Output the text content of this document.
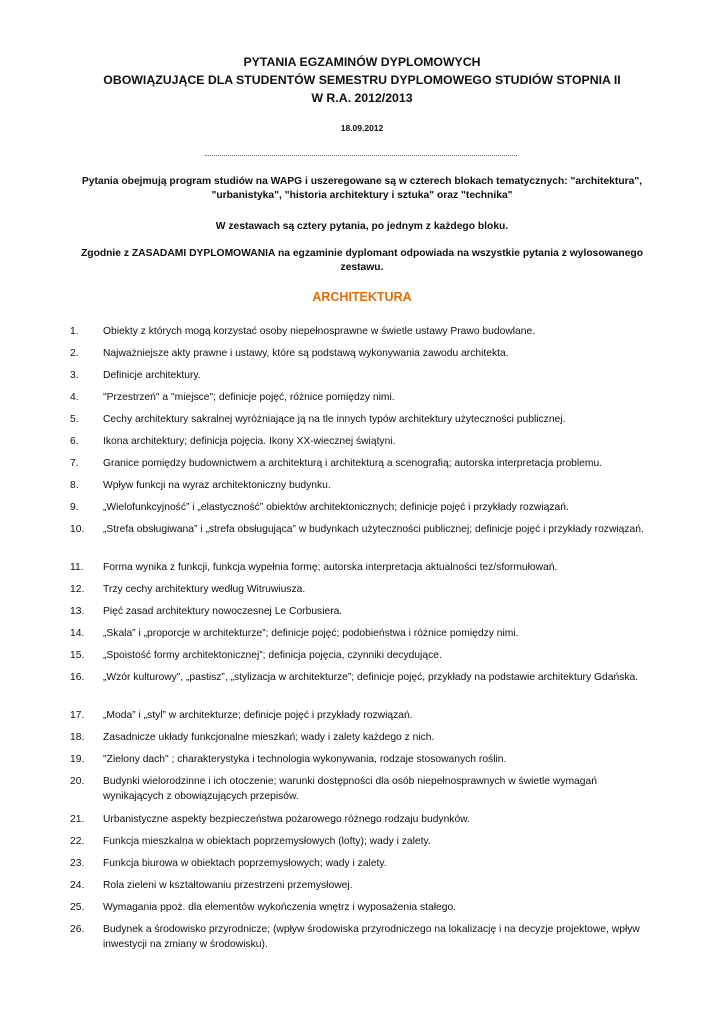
PYTANIA EGZAMINÓW DYPLOMOWYCH
OBOWIĄZUJĄCE DLA STUDENTÓW SEMESTRU DYPLOMOWEGO STUDIÓW STOPNIA II
W R.A. 2012/2013
18.09.2012
Pytania obejmują program studiów na WAPG i uszeregowane są w czterech blokach tematycznych: "architektura", "urbanistyka", "historia architektury i sztuka" oraz "technika"
W zestawach są cztery pytania, po jednym z każdego bloku.
Zgodnie z ZASADAMI DYPLOMOWANIA na egzaminie dyplomant odpowiada na wszystkie pytania z wylosowanego zestawu.
ARCHITEKTURA
1. Obiekty z których mogą korzystać osoby niepełnosprawne w świetle ustawy Prawo budowlane.
2. Najważniejsze akty prawne i ustawy, które są podstawą wykonywania zawodu architekta.
3. Definicje architektury.
4. "Przestrzeń" a "miejsce"; definicje pojęć, różnice pomiędzy nimi.
5. Cechy architektury sakralnej wyróżniające ją na tle innych typów architektury użyteczności publicznej.
6. Ikona architektury; definicja pojęcia. Ikony XX-wiecznej świątyni.
7. Granice pomiędzy budownictwem a architekturą i architekturą a scenografią; autorska interpretacja problemu.
8. Wpływ funkcji na wyraz architektoniczny budynku.
9. „Wielofunkcyjność” i „elastyczność” obiektów architektonicznych; definicje pojęć i przykłady rozwiązań.
10. „Strefa obsługiwana” i „strefa obsługująca” w budynkach użyteczności publicznej; definicje pojęć i przykłady rozwiązań.
11. Forma wynika z funkcji, funkcja wypełnia formę; autorska interpretacja aktualności tez/sformułowań.
12. Trzy cechy architektury według Witruwiusza.
13. Pięć zasad architektury nowoczesnej Le Corbusiera.
14. „Skala” i „proporcje w architekturze”; definicje pojęć; podobieństwa i różnice pomiędzy nimi.
15. „Spoistość formy architektonicznej”; definicja pojęcia, czynniki decydujące.
16. „Wzór kulturowy”, „pastisz”, „stylizacja w architekturze”; definicje pojęć, przykłady na podstawie architektury Gdańska.
17. „Moda” i „styl” w architekturze; definicje pojęć i przykłady rozwiązań.
18. Zasadnicze układy funkcjonalne mieszkań; wady i zalety każdego z nich.
19. "Zielony dach" ; charakterystyka i technologia wykonywania, rodzaje stosowanych roślin.
20. Budynki wielorodzinne i ich otoczenie; warunki dostępności dla osób niepełnosprawnych w świetle wymagań wynikających z obowiązujących przepisów.
21. Urbanistyczne aspekty bezpieczeństwa pożarowego różnego rodzaju budynków.
22. Funkcja mieszkalna w obiektach poprzemysłowych (lofty); wady i zalety.
23. Funkcja biurowa w obiektach poprzemysłowych; wady i zalety.
24. Rola zieleni w kształtowaniu przestrzeni przemysłowej.
25. Wymagania ppoż. dla elementów wykończenia wnętrz i wyposażenia stałego.
26. Budynek a środowisko przyrodnicze; (wpływ środowiska przyrodniczego na lokalizację i na decyzje projektowe, wpływ inwestycji na zmiany w środowisku).
